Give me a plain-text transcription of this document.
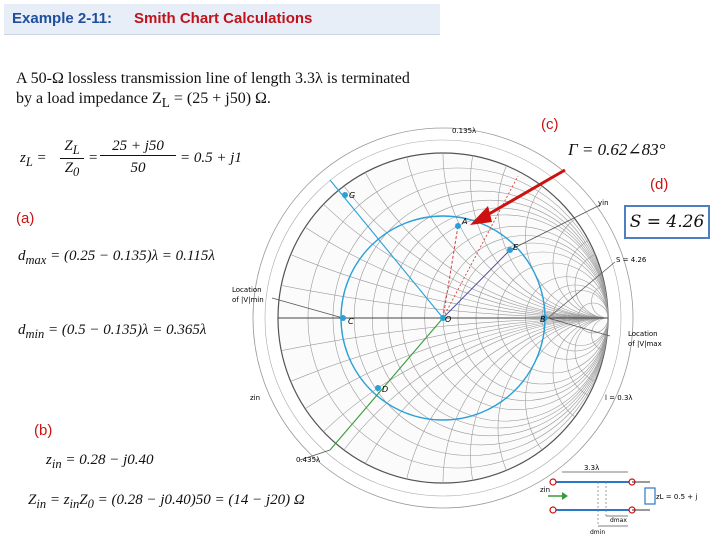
Example 2-11: Smith Chart Calculations
A 50-Ω lossless transmission line of length 3.3λ is terminated
by a load impedance $Z_L = (25 + j50)$ Ω.
$z_L$ =
$Z_L$
$Z_0$
=
25 + j50
50
= 0.5 + j1
(a)
(b)
(c)
(d)
$d_{max} = (0.25 - 0.135)\lambda = 0.115\lambda$
$d_{min} = (0.5 - 0.135)\lambda = 0.365\lambda$
$z_{in} = 0.28 - j0.40$
$Z_{in} = z_{in}Z_0 = (0.28 - j0.40)50 = (14 - j20)$ Ω
Γ = 0.62∠83°
S = 4.26
A
B
C
D
E
G
O
0.135λ
0.435λ
S = 4.26
Location
of |V|min
Location
of |V|max
zin
yin
l = 0.3λ
3.3λ
zin
zL = 0.5 + j
dmax
dmin
